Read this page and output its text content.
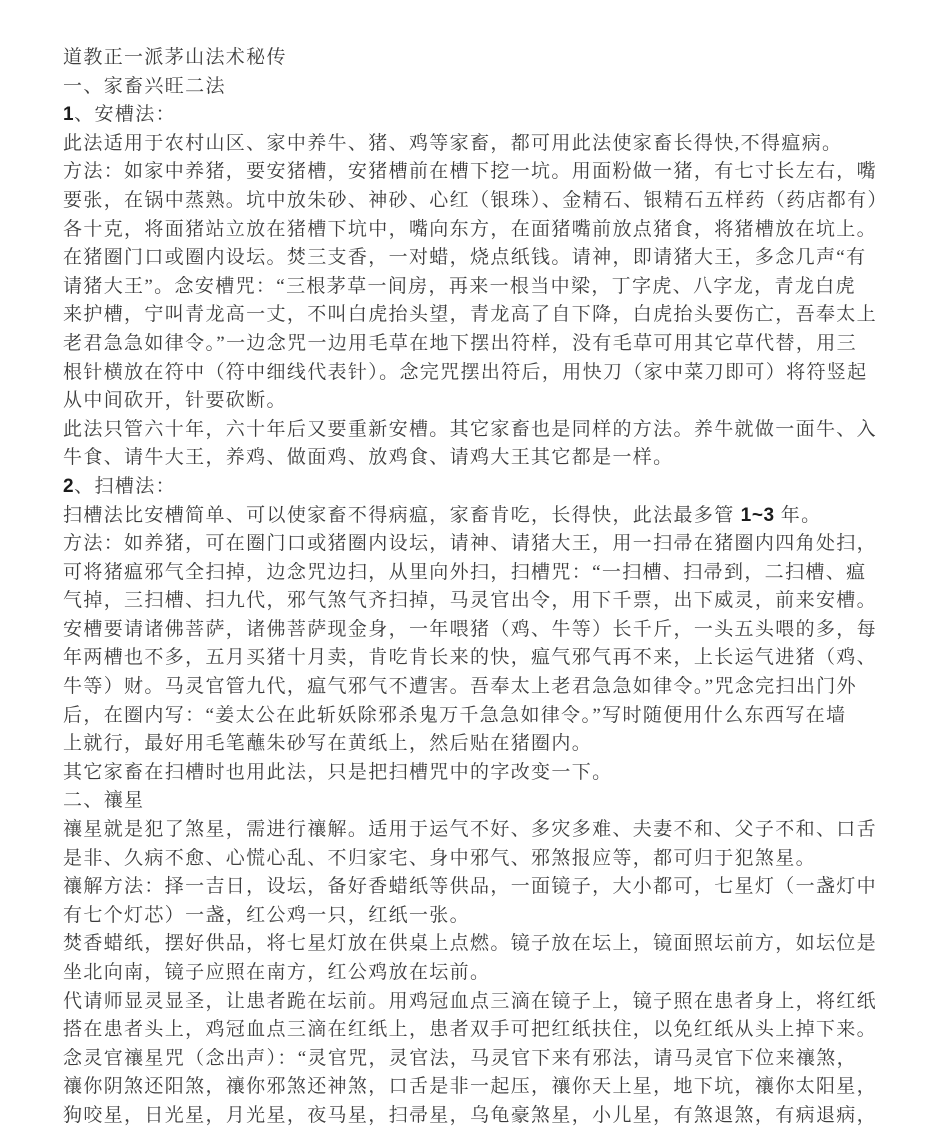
道教正一派茅山法术秘传
一、家畜兴旺二法
1、安槽法：
此法适用于农村山区、家中养牛、猪、鸡等家畜，都可用此法使家畜长得快,不得瘟病。
方法：如家中养猪，要安猪槽，安猪槽前在槽下挖一坑。用面粉做一猪，有七寸长左右，嘴
要张，在锅中蒸熟。坑中放朱砂、神砂、心红（银珠）、金精石、银精石五样药（药店都有）
各十克，将面猪站立放在猪槽下坑中，嘴向东方，在面猪嘴前放点猪食，将猪槽放在坑上。
在猪圈门口或圈内设坛。焚三支香，一对蜡，烧点纸钱。请神，即请猪大王，多念几声“有
请猪大王”。念安槽咒：“三根茅草一间房，再来一根当中梁，丁字虎、八字龙，青龙白虎
来护槽，宁叫青龙高一丈，不叫白虎抬头望，青龙高了自下降，白虎抬头要伤亡，吾奉太上
老君急急如律令。”一边念咒一边用毛草在地下摆出符样，没有毛草可用其它草代替，用三
根针横放在符中（符中细线代表针）。念完咒摆出符后，用快刀（家中菜刀即可）将符竖起
从中间砍开，针要砍断。
此法只管六十年，六十年后又要重新安槽。其它家畜也是同样的方法。养牛就做一面牛、入
牛食、请牛大王，养鸡、做面鸡、放鸡食、请鸡大王其它都是一样。
2、扫槽法：
扫槽法比安槽简单、可以使家畜不得病瘟，家畜肯吃，长得快，此法最多管 1~3 年。
方法：如养猪，可在圈门口或猪圈内设坛，请神、请猪大王，用一扫帚在猪圈内四角处扫，
可将猪瘟邪气全扫掉，边念咒边扫，从里向外扫，扫槽咒：“一扫槽、扫帚到，二扫槽、瘟
气掉，三扫槽、扫九代，邪气煞气齐扫掉，马灵官出令，用下千票，出下威灵，前来安槽。
安槽要请诸佛菩萨，诸佛菩萨现金身，一年喂猪（鸡、牛等）长千斤，一头五头喂的多，每
年两槽也不多，五月买猪十月卖，肯吃肯长来的快，瘟气邪气再不来，上长运气进猪（鸡、
牛等）财。马灵官管九代，瘟气邪气不遭害。吾奉太上老君急急如律令。”咒念完扫出门外
后，在圈内写：“姜太公在此斩妖除邪杀鬼万千急急如律令。”写时随便用什么东西写在墙
上就行，最好用毛笔蘸朱砂写在黄纸上，然后贴在猪圈内。
其它家畜在扫槽时也用此法，只是把扫槽咒中的字改变一下。
二、禳星
禳星就是犯了煞星，需进行禳解。适用于运气不好、多灾多难、夫妻不和、父子不和、口舌
是非、久病不愈、心慌心乱、不归家宅、身中邪气、邪煞报应等，都可归于犯煞星。
禳解方法：择一吉日，设坛，备好香蜡纸等供品，一面镜子，大小都可，七星灯（一盏灯中
有七个灯芯）一盏，红公鸡一只，红纸一张。
焚香蜡纸，摆好供品，将七星灯放在供桌上点燃。镜子放在坛上，镜面照坛前方，如坛位是
坐北向南，镜子应照在南方，红公鸡放在坛前。
代请师显灵显圣，让患者跪在坛前。用鸡冠血点三滴在镜子上，镜子照在患者身上，将红纸
搭在患者头上，鸡冠血点三滴在红纸上，患者双手可把红纸扶住，以免红纸从头上掉下来。
念灵官禳星咒（念出声）：“灵官咒，灵官法，马灵官下来有邪法，请马灵官下位来禳煞，
禳你阴煞还阳煞，禳你邪煞还神煞，口舌是非一起压，禳你天上星，地下坑，禳你太阳星，
狗咬星，日光星，月光星，夜马星，扫帚星，乌龟豪煞星，小儿星，有煞退煞，有病退病，
